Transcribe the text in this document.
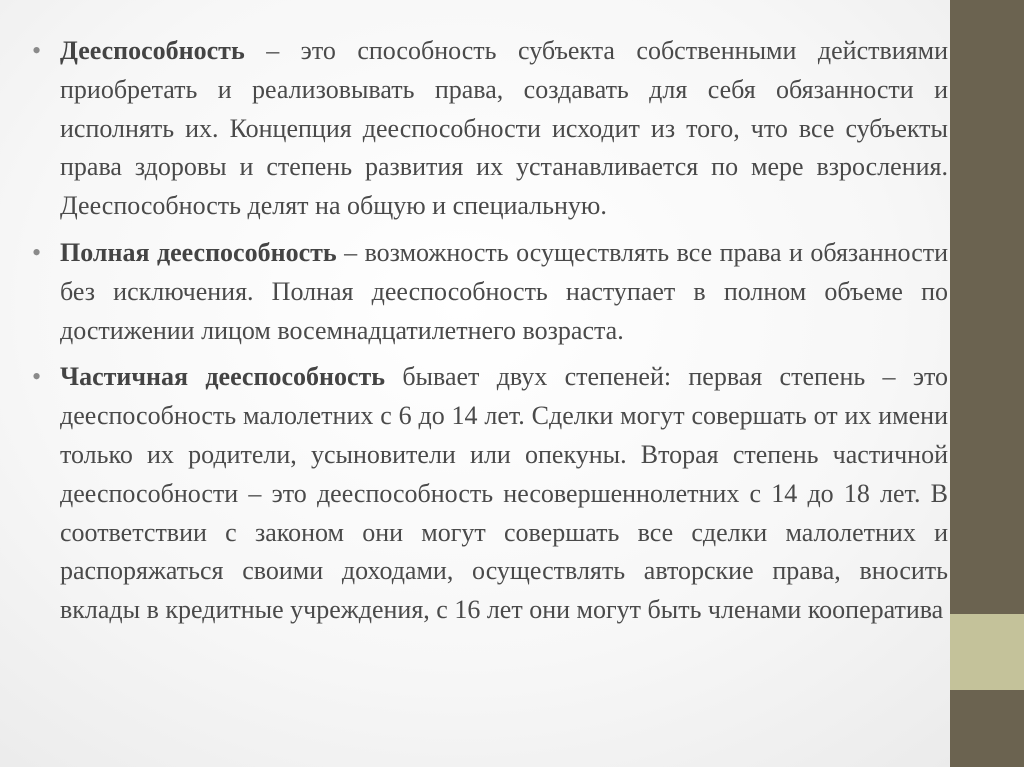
• Дееспособность – это способность субъекта собственными действиями приобретать и реализовывать права, создавать для себя обязанности и исполнять их. Концепция дееспособности исходит из того, что все субъекты права здоровы и степень развития их устанавливается по мере взросления. Дееспособность делят на общую и специальную.

• Полная дееспособность – возможность осуществлять все права и обязанности без исключения. Полная дееспособность наступает в полном объеме по достижении лицом восемнадцатилетнего возраста.

• Частичная дееспособность бывает двух степеней: первая степень – это дееспособность малолетних с 6 до 14 лет. Сделки могут совершать от их имени только их родители, усыновители или опекуны. Вторая степень частичной дееспособности – это дееспособность несовершеннолетних с 14 до 18 лет. В соответствии с законом они могут совершать все сделки малолетних и распоряжаться своими доходами, осуществлять авторские права, вносить вклады в кредитные учреждения, с 16 лет они могут быть членами кооператива
